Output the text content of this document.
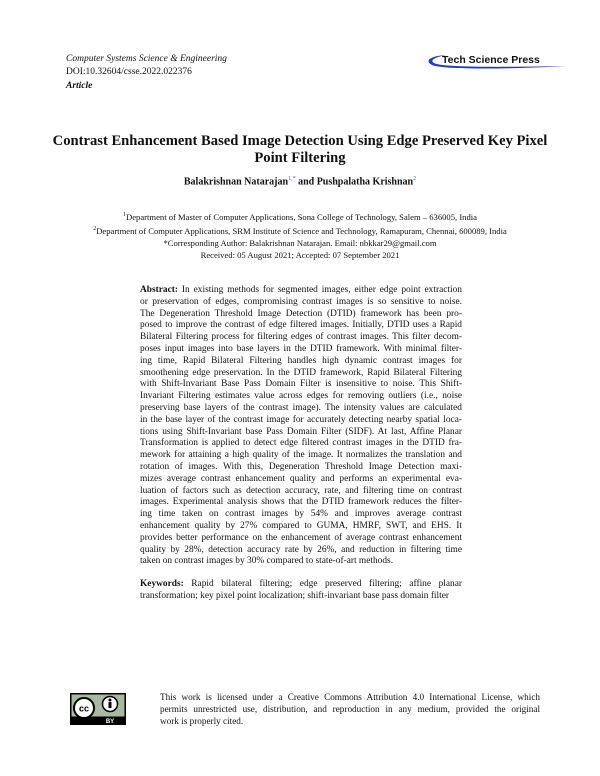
Computer Systems Science & Engineering
DOI:10.32604/csse.2022.022376
Article
Tech Science Press
Contrast Enhancement Based Image Detection Using Edge Preserved Key Pixel
Point Filtering
Balakrishnan Natarajan$^{1,*}$ and Pushpalatha Krishnan$^2$
$^1$Department of Master of Computer Applications, Sona College of Technology, Salem – 636005, India
$^2$Department of Computer Applications, SRM Institute of Science and Technology, Ramapuram, Chennai, 600089, India
*Corresponding Author: Balakrishnan Natarajan. Email: nbkkar29@gmail.com
Received: 05 August 2021; Accepted: 07 September 2021
Abstract: In existing methods for segmented images, either edge point extraction
or preservation of edges, compromising contrast images is so sensitive to noise.
The Degeneration Threshold Image Detection (DTID) framework has been pro-
posed to improve the contrast of edge filtered images. Initially, DTID uses a Rapid
Bilateral Filtering process for filtering edges of contrast images. This filter decom-
poses input images into base layers in the DTID framework. With minimal filter-
ing time, Rapid Bilateral Filtering handles high dynamic contrast images for
smoothening edge preservation. In the DTID framework, Rapid Bilateral Filtering
with Shift-Invariant Base Pass Domain Filter is insensitive to noise. This Shift-
Invariant Filtering estimates value across edges for removing outliers (i.e., noise
preserving base layers of the contrast image). The intensity values are calculated
in the base layer of the contrast image for accurately detecting nearby spatial loca-
tions using Shift-Invariant base Pass Domain Filter (SIDF). At last, Affine Planar
Transformation is applied to detect edge filtered contrast images in the DTID fra-
mework for attaining a high quality of the image. It normalizes the translation and
rotation of images. With this, Degeneration Threshold Image Detection maxi-
mizes average contrast enhancement quality and performs an experimental eva-
luation of factors such as detection accuracy, rate, and filtering time on contrast
images. Experimental analysis shows that the DTID framework reduces the filter-
ing time taken on contrast images by 54% and improves average contrast
enhancement quality by 27% compared to GUMA, HMRF, SWT, and EHS. It
provides better performance on the enhancement of average contrast enhancement
quality by 28%, detection accuracy rate by 26%, and reduction in filtering time
taken on contrast images by 30% compared to state-of-art methods.
Keywords: Rapid bilateral filtering; edge preserved filtering; affine planar
transformation; key pixel point localization; shift-invariant base pass domain filter
cc
BY
This work is licensed under a Creative Commons Attribution 4.0 International License, which
permits unrestricted use, distribution, and reproduction in any medium, provided the original
work is properly cited.
